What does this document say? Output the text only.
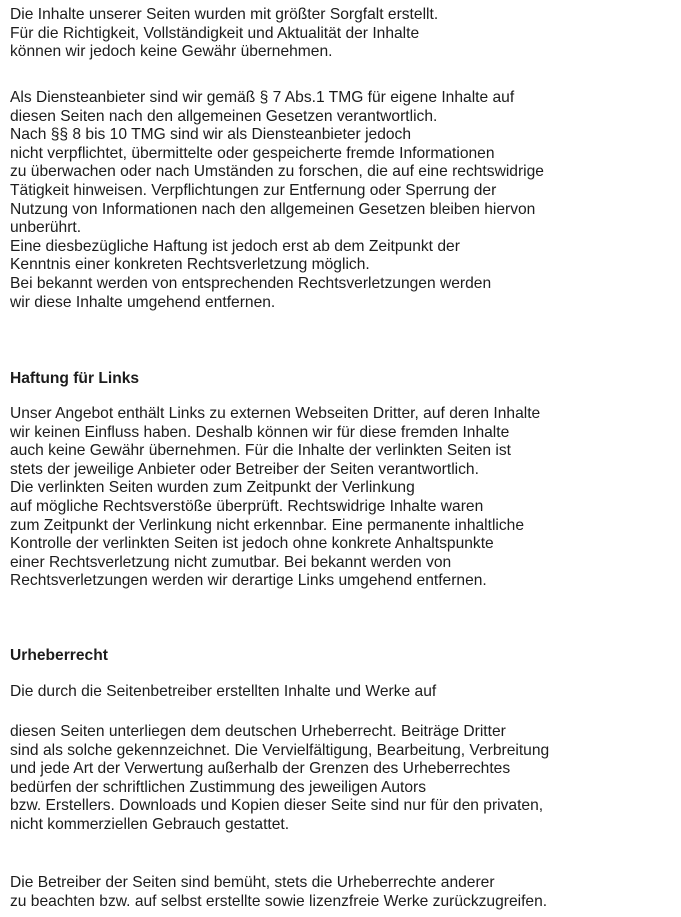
Die Inhalte unserer Seiten wurden mit größter Sorgfalt erstellt.
Für die Richtigkeit, Vollständigkeit und Aktualität der Inhalte
können wir jedoch keine Gewähr übernehmen.
Als Diensteanbieter sind wir gemäß § 7 Abs.1 TMG für eigene Inhalte auf
diesen Seiten nach den allgemeinen Gesetzen verantwortlich.
Nach §§ 8 bis 10 TMG sind wir als Diensteanbieter jedoch
nicht verpflichtet, übermittelte oder gespeicherte fremde Informationen
zu überwachen oder nach Umständen zu forschen, die auf eine rechtswidrige
Tätigkeit hinweisen. Verpflichtungen zur Entfernung oder Sperrung der
Nutzung von Informationen nach den allgemeinen Gesetzen bleiben hiervon
unberührt.
Eine diesbezügliche Haftung ist jedoch erst ab dem Zeitpunkt der
Kenntnis einer konkreten Rechtsverletzung möglich.
Bei bekannt werden von entsprechenden Rechtsverletzungen werden
wir diese Inhalte umgehend entfernen.
Haftung für Links
Unser Angebot enthält Links zu externen Webseiten Dritter, auf deren Inhalte
wir keinen Einfluss haben. Deshalb können wir für diese fremden Inhalte
auch keine Gewähr übernehmen. Für die Inhalte der verlinkten Seiten ist
stets der jeweilige Anbieter oder Betreiber der Seiten verantwortlich.
Die verlinkten Seiten wurden zum Zeitpunkt der Verlinkung
auf mögliche Rechtsverstöße überprüft. Rechtswidrige Inhalte waren
zum Zeitpunkt der Verlinkung nicht erkennbar. Eine permanente inhaltliche
Kontrolle der verlinkten Seiten ist jedoch ohne konkrete Anhaltspunkte
einer Rechtsverletzung nicht zumutbar. Bei bekannt werden von
Rechtsverletzungen werden wir derartige Links umgehend entfernen.
Urheberrecht
Die durch die Seitenbetreiber erstellten Inhalte und Werke auf
diesen Seiten unterliegen dem deutschen Urheberrecht. Beiträge Dritter
sind als solche gekennzeichnet. Die Vervielfältigung, Bearbeitung, Verbreitung
und jede Art der Verwertung außerhalb der Grenzen des Urheberrechtes
bedürfen der schriftlichen Zustimmung des jeweiligen Autors
bzw. Erstellers. Downloads und Kopien dieser Seite sind nur für den privaten,
nicht kommerziellen Gebrauch gestattet.
Die Betreiber der Seiten sind bemüht, stets die Urheberrechte anderer
zu beachten bzw. auf selbst erstellte sowie lizenzfreie Werke zurückzugreifen.
